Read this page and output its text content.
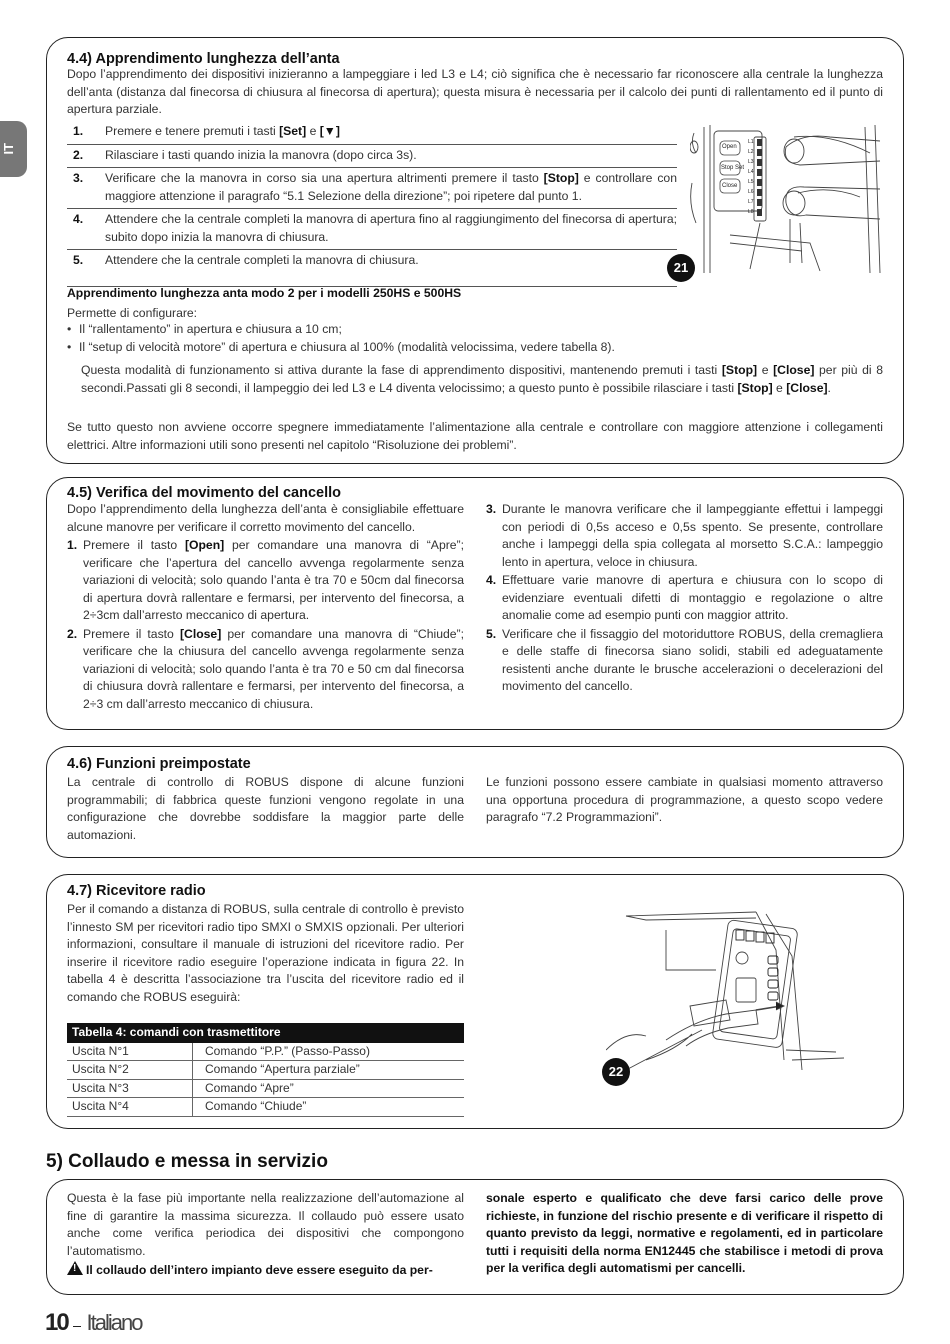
IT
4.4) Apprendimento lunghezza dell’anta

Dopo l’apprendimento dei dispositivi inizieranno a lampeggiare i led L3 e L4; ciò significa che è necessario far riconoscere alla centrale la lunghezza dell’anta (distanza dal finecorsa di chiusura al finecorsa di apertura); questa misura è necessaria per il calcolo dei punti di rallentamento ed il punto di apertura parziale.

1.	Premere e tenere premuti i tasti [Set] e [▼]
2.	Rilasciare i tasti quando inizia la manovra (dopo circa 3s).
3.	Verificare che la manovra in corso sia una apertura altrimenti premere il tasto [Stop] e controllare con maggiore attenzione il paragrafo “5.1 Selezione della direzione”; poi ripetere dal punto 1.
4.	Attendere che la centrale completi la manovra di apertura fino al raggiungimento del finecorsa di apertura; subito dopo inizia la manovra di chiusura.
5.	Attendere che la centrale completi la manovra di chiusura.
Open
Stop Set
Close
L1
L2
L3
L4
L5
L6
L7
L8
21

Apprendimento lunghezza anta modo 2 per i modelli 250HS e 500HS

Permette di configurare:

• Il “rallentamento” in apertura e chiusura a 10 cm;
• Il “setup di velocità motore” di apertura e chiusura al 100% (modalità velocissima, vedere tabella 8).

Questa modalità di funzionamento si attiva durante la fase di apprendimento dispositivi, mantenendo premuti i tasti [Stop] e [Close] per più di 8 secondi.Passati gli 8 secondi, il lampeggio dei led L3 e L4 diventa velocissimo; a questo punto è possibile rilasciare i tasti [Stop] e [Close].

Se tutto questo non avviene occorre spegnere immediatamente l’alimentazione alla centrale e controllare con maggiore attenzione i collegamenti elettrici. Altre informazioni utili sono presenti nel capitolo “Risoluzione dei problemi”.

4.5) Verifica del movimento del cancello

Dopo l’apprendimento della lunghezza dell’anta è consigliabile effettuare alcune manovre per verificare il corretto movimento del cancello.

1. Premere il tasto [Open] per comandare una manovra di “Apre”; verificare che l’apertura del cancello avvenga regolarmente senza variazioni di velocità; solo quando l’anta è tra 70 e 50cm dal finecorsa di apertura dovrà rallentare e fermarsi, per intervento del finecorsa, a 2÷3cm dall’arresto meccanico di apertura.
2. Premere il tasto [Close] per comandare una manovra di “Chiude”; verificare che la chiusura del cancello avvenga regolarmente senza variazioni di velocità; solo quando l’anta è tra 70 e 50 cm dal finecorsa di chiusura dovrà rallentare e fermarsi, per intervento del finecorsa, a 2÷3 cm dall’arresto meccanico di chiusura.
3. Durante le manovra verificare che il lampeggiante effettui i lampeggi con periodi di 0,5s acceso e 0,5s spento. Se presente, controllare anche i lampeggi della spia collegata al morsetto S.C.A.: lampeggio lento in apertura, veloce in chiusura.
4. Effettuare varie manovre di apertura e chiusura con lo scopo di evidenziare eventuali difetti di montaggio e regolazione o altre anomalie come ad esempio punti con maggior attrito.
5. Verificare che il fissaggio del motoriduttore ROBUS, della cremagliera e delle staffe di finecorsa siano solidi, stabili ed adeguatamente resistenti anche durante le brusche accelerazioni o decelerazioni del movimento del cancello.
4.6) Funzioni preimpostate

La centrale di controllo di ROBUS dispone di alcune funzioni programmabili; di fabbrica queste funzioni vengono regolate in una configurazione che dovrebbe soddisfare la maggior parte delle automazioni.

Le funzioni possono essere cambiate in qualsiasi momento attraverso una opportuna procedura di programmazione, a questo scopo vedere paragrafo “7.2 Programmazioni”.

4.7) Ricevitore radio

Per il comando a distanza di ROBUS, sulla centrale di controllo è previsto l’innesto SM per ricevitori radio tipo SMXI o SMXIS opzionali. Per ulteriori informazioni, consultare il manuale di istruzioni del ricevitore radio. Per inserire il ricevitore radio eseguire l’operazione indicata in figura 22. In tabella 4 è descritta l’associazione tra l’uscita del ricevitore radio ed il comando che ROBUS eseguirà:

Tabella 4: comandi con trasmettitore	
Uscita N°1	Comando “P.P.” (Passo-Passo)
Uscita N°2	Comando “Apertura parziale”
Uscita N°3	Comando “Apre”
Uscita N°4	Comando “Chiude”
22
5) Collaudo e messa in servizio

Questa è la fase più importante nella realizzazione dell’automazione al fine di garantire la massima sicurezza. Il collaudo può essere usato anche come verifica periodica dei dispositivi che compongono l’automatismo.

! Il collaudo dell’intero impianto deve essere eseguito da per-

sonale esperto e qualificato che deve farsi carico delle prove richieste, in funzione del rischio presente e di verificare il rispetto di quanto previsto da leggi, normative e regolamenti, ed in particolare tutti i requisiti della norma EN12445 che stabilisce i metodi di prova per la verifica degli automatismi per cancelli.

10 Italiano
